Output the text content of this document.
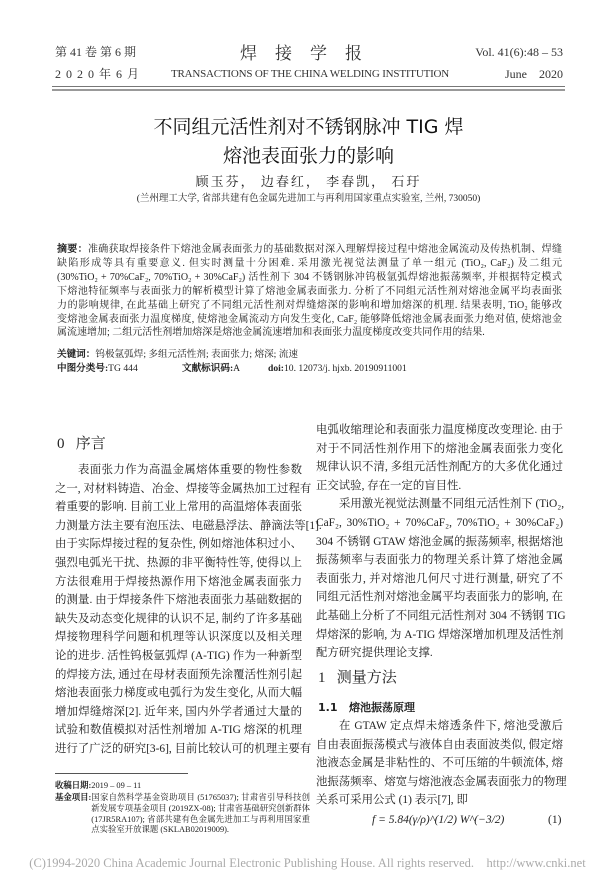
第 41 卷 第 6 期
2 0 2 0 年 6 月
焊接学报
TRANSACTIONS OF THE CHINA WELDING INSTITUTION
Vol. 41(6):48 – 53
June    2020
不同组元活性剂对不锈钢脉冲 TIG 焊
熔池表面张力的影响
顾玉芬， 边春红， 李春凯， 石玗
(兰州理工大学, 省部共建有色金属先进加工与再利用国家重点实验室, 兰州, 730050)
摘要：准确获取焊接条件下熔池金属表面张力的基础数据对深入理解焊接过程中熔池金属流动及传热机制、焊缝
缺陷形成等具有重要意义. 但实时测量十分困难. 采用激光视觉法测量了单一组元 (TiO₂, CaF₂) 及二组元
(30%TiO₂ + 70%CaF₂, 70%TiO₂ + 30%CaF₂) 活性剂下 304 不锈钢脉冲钨极氩弧焊熔池振荡频率, 并根据特定模式
下熔池特征频率与表面张力的解析模型计算了熔池金属表面张力. 分析了不同组元活性剂对熔池金属平均表面张
力的影响规律, 在此基础上研究了不同组元活性剂对焊缝熔深的影响和增加熔深的机理. 结果表明, TiO₂ 能够改
变熔池金属表面张力温度梯度, 使熔池金属流动方向发生变化, CaF₂ 能够降低熔池金属表面张力绝对值, 使熔池金
属流速增加; 二组元活性剂增加熔深是熔池金属流速增加和表面张力温度梯度改变共同作用的结果.
关键词：钨极氩弧焊; 多组元活性剂; 表面张力; 熔深; 流速
中图分类号:TG 444	文献标识码:A	doi:10. 12073/j. hjxb. 20190911001
0 序言
表面张力作为高温金属熔体重要的物性参数
之一, 对材料铸造、冶金、焊接等金属热加工过程有
着重要的影响. 目前工业上常用的高温熔体表面张
力测量方法主要有泡压法、电磁悬浮法、静滴法等[1].
由于实际焊接过程的复杂性, 例如熔池体积过小、
强烈电弧光干扰、热源的非平衡特性等, 使得以上
方法很难用于焊接热源作用下熔池金属表面张力
的测量. 由于焊接条件下熔池表面张力基础数据的
缺失及动态变化规律的认识不足, 制约了许多基础
焊接物理科学问题和机理等认识深度以及相关理
论的进步. 活性钨极氩弧焊 (A-TIG) 作为一种新型
的焊接方法, 通过在母材表面预先涂覆活性剂引起
熔池表面张力梯度或电弧行为发生变化, 从而大幅
增加焊缝熔深[2]. 近年来, 国内外学者通过大量的
试验和数值模拟对活性剂增加 A-TIG 熔深的机理
进行了广泛的研究[3-6], 目前比较认可的机理主要有
电弧收缩理论和表面张力温度梯度改变理论. 由于
对于不同活性剂作用下的熔池金属表面张力变化
规律认识不清, 多组元活性剂配方的大多优化通过
正交试验, 存在一定的盲目性.
采用激光视觉法测量不同组元活性剂下 (TiO₂,
CaF₂, 30%TiO₂ + 70%CaF₂, 70%TiO₂ + 30%CaF₂)
304 不锈钢 GTAW 熔池金属的振荡频率, 根据熔池
振荡频率与表面张力的物理关系计算了熔池金属
表面张力, 并对熔池几何尺寸进行测量, 研究了不
同组元活性剂对熔池金属平均表面张力的影响, 在
此基础上分析了不同组元活性剂对 304 不锈钢 TIG
焊熔深的影响, 为 A-TIG 焊熔深增加机理及活性剂
配方研究提供理论支撑.
1 测量方法
1.1 熔池振荡原理
在 GTAW 定点焊未熔透条件下, 熔池受激后
自由表面振荡模式与液体自由表面波类似, 假定熔
池液态金属是非粘性的、不可压缩的牛顿流体, 熔
池振荡频率、熔宽与熔池液态金属表面张力的物理
关系可采用公式 (1) 表示[7], 即
f = 5.84(γ/ρ)^(1/2) W^(−3/2)	(1)
收稿日期: 2019 – 09 – 11
基金项目: 国家自然科学基金资助项目 (51765037); 甘肃省引导科技创新发展专项基金项目 (2019ZX-08); 甘肃省基础研究创新群体 (17JR5RA107); 省部共建有色金属先进加工与再利用国家重点实验室开放课题 (SKLAB02019009).
(C)1994-2020 China Academic Journal Electronic Publishing House. All rights reserved.    http://www.cnki.net
